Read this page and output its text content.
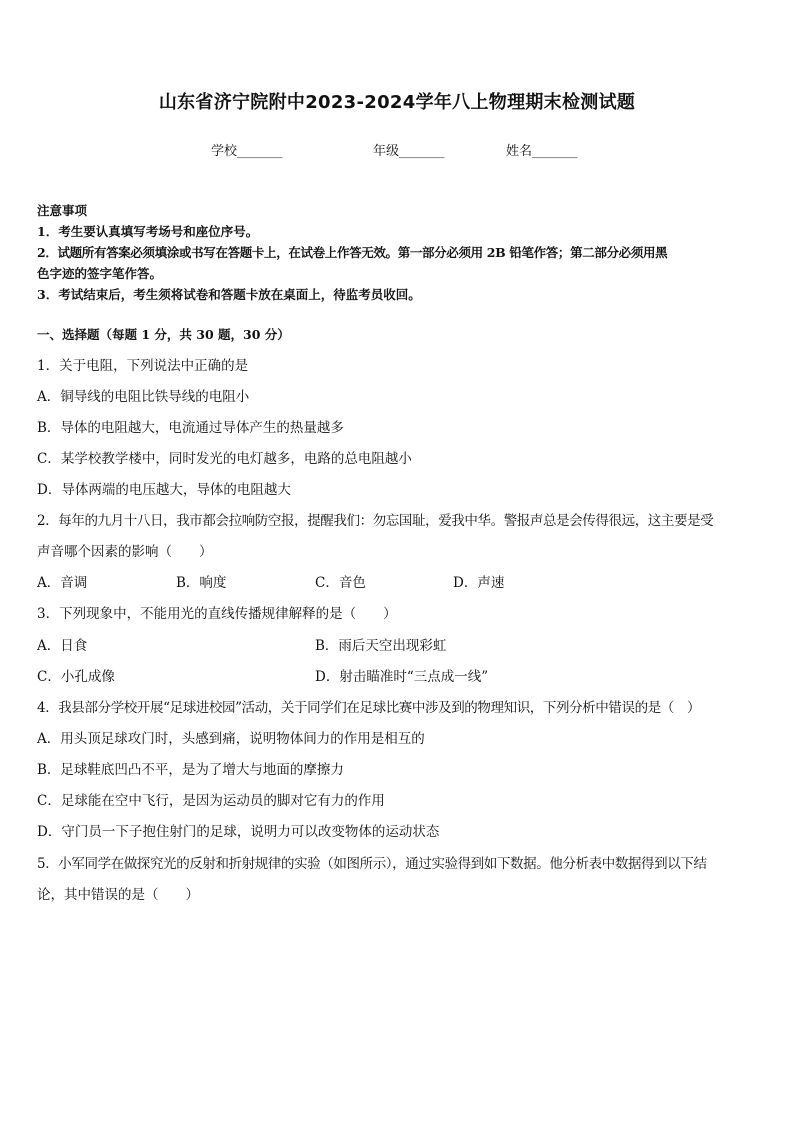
山东省济宁院附中2023-2024学年八上物理期末检测试题
学校_______	年级_______	姓名_______
注意事项
1．考生要认真填写考场号和座位序号。
2．试题所有答案必须填涂或书写在答题卡上，在试卷上作答无效。第一部分必须用 2B 铅笔作答；第二部分必须用黑
色字迹的签字笔作答。
3．考试结束后，考生须将试卷和答题卡放在桌面上，待监考员收回。
一、选择题（每题 1 分，共 30 题，30 分）
1．关于电阻，下列说法中正确的是
A．铜导线的电阻比铁导线的电阻小
B．导体的电阻越大，电流通过导体产生的热量越多
C．某学校教学楼中，同时发光的电灯越多，电路的总电阻越小
D．导体两端的电压越大，导体的电阻越大
2．每年的九月十八日，我市都会拉响防空报，提醒我们：勿忘国耻，爱我中华。警报声总是会传得很远，这主要是受
声音哪个因素的影响（　　）
A．音调	B．响度	C．音色	D．声速
3．下列现象中，不能用光的直线传播规律解释的是（　　）
A．日食	B．雨后天空出现彩虹
C．小孔成像	D．射击瞄准时“三点成一线”
4．我县部分学校开展“足球进校园”活动，关于同学们在足球比赛中涉及到的物理知识，下列分析中错误的是（　）
A．用头顶足球攻门时，头感到痛，说明物体间力的作用是相互的
B．足球鞋底凹凸不平，是为了增大与地面的摩擦力
C．足球能在空中飞行，是因为运动员的脚对它有力的作用
D．守门员一下子抱住射门的足球，说明力可以改变物体的运动状态
5．小军同学在做探究光的反射和折射规律的实验（如图所示），通过实验得到如下数据。他分析表中数据得到以下结
论，其中错误的是（　　）
